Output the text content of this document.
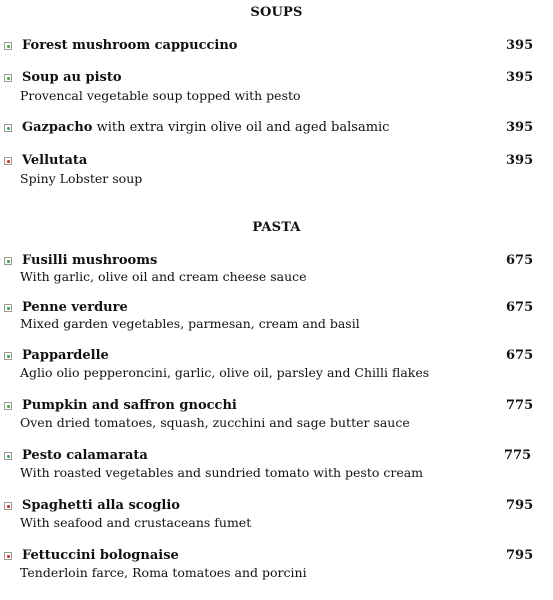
SOUPS
Forest mushroom cappuccino	395
Soup au pisto	395
Provencal vegetable soup topped with pesto
Gazpacho with extra virgin olive oil and aged balsamic	395
Vellutata	395
Spiny Lobster soup
PASTA
Fusilli mushrooms	675
With garlic, olive oil and cream cheese sauce
Penne verdure	675
Mixed garden vegetables, parmesan, cream and basil
Pappardelle	675
Aglio olio pepperoncini, garlic, olive oil, parsley and Chilli flakes
Pumpkin and saffron gnocchi	775
Oven dried tomatoes, squash, zucchini and sage butter sauce
Pesto calamarata	775
With roasted vegetables and sundried tomato with pesto cream
Spaghetti alla scoglio	795
With seafood and crustaceans fumet
Fettuccini bolognaise	795
Tenderloin farce, Roma tomatoes and porcini
